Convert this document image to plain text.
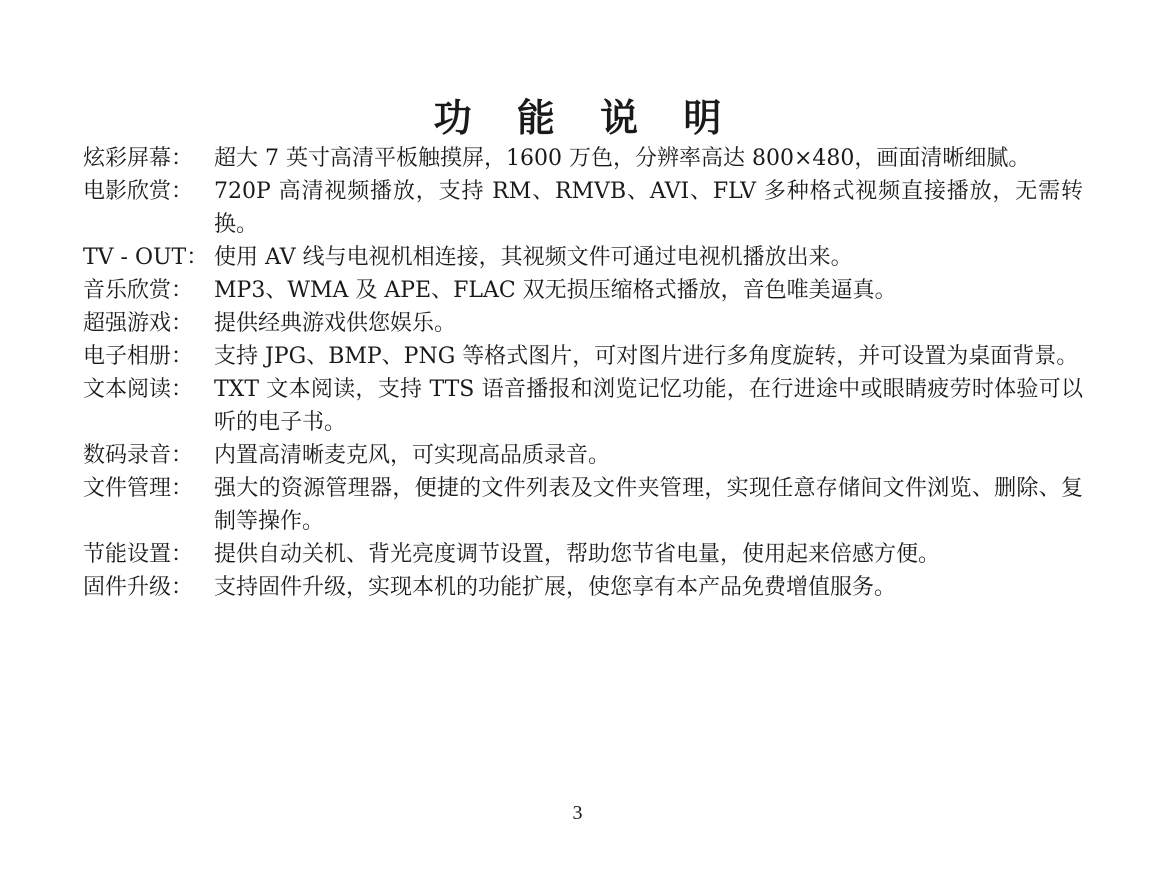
功 能 说 明
炫彩屏幕： 超大 7 英寸高清平板触摸屏，1600 万色，分辨率高达 800×480，画面清晰细腻。
电影欣赏： 720P 高清视频播放，支持 RM、RMVB、AVI、FLV 多种格式视频直接播放，无需转换。
TV - OUT： 使用 AV 线与电视机相连接，其视频文件可通过电视机播放出来。
音乐欣赏： MP3、WMA 及 APE、FLAC 双无损压缩格式播放，音色唯美逼真。
超强游戏： 提供经典游戏供您娱乐。
电子相册： 支持 JPG、BMP、PNG 等格式图片，可对图片进行多角度旋转，并可设置为桌面背景。
文本阅读： TXT 文本阅读，支持 TTS 语音播报和浏览记忆功能，在行进途中或眼睛疲劳时体验可以听的电子书。
数码录音： 内置高清晰麦克风，可实现高品质录音。
文件管理： 强大的资源管理器，便捷的文件列表及文件夹管理，实现任意存储间文件浏览、删除、复制等操作。
节能设置： 提供自动关机、背光亮度调节设置，帮助您节省电量，使用起来倍感方便。
固件升级： 支持固件升级，实现本机的功能扩展，使您享有本产品免费增值服务。
3
